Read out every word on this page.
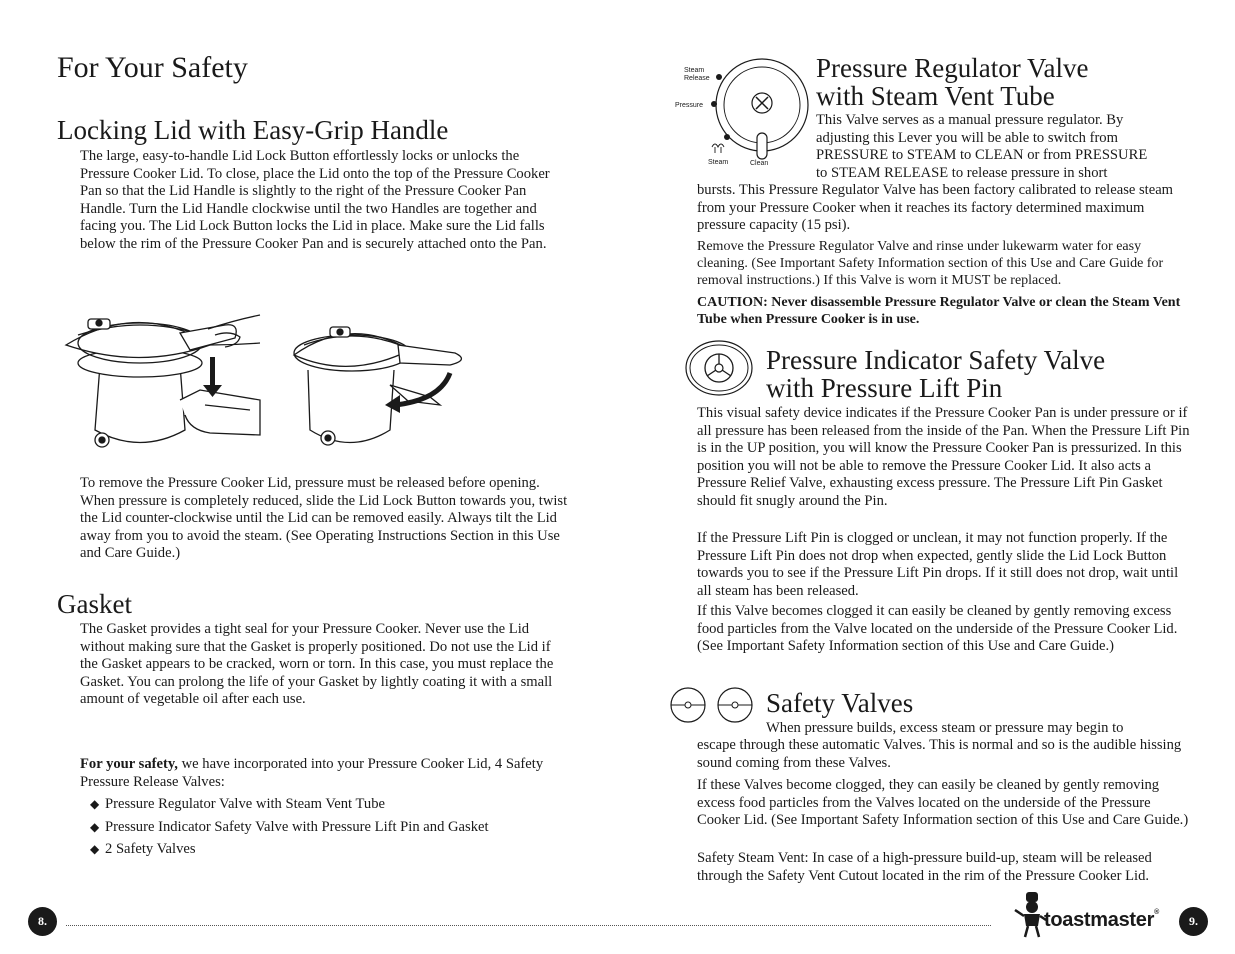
For Your Safety
Locking Lid with Easy-Grip Handle

The large, easy-to-handle Lid Lock Button effortlessly locks or unlocks the Pressure Cooker Lid. To close, place the Lid onto the top of the Pressure Cooker Pan so that the Lid Handle is slightly to the right of the Pressure Cooker Pan Handle. Turn the Lid Handle clockwise until the two Handles are together and facing you. The Lid Lock Button locks the Lid in place. Make sure the Lid falls below the rim of the Pressure Cooker Pan and is securely attached onto the Pan.

To remove the Pressure Cooker Lid, pressure must be released before opening. When pressure is completely reduced, slide the Lid Lock Button towards you, twist the Lid counter-clockwise until the Lid can be removed easily. Always tilt the Lid away from you to avoid the steam. (See Operating Instructions Section in this Use and Care Guide.)

Gasket

The Gasket provides a tight seal for your Pressure Cooker. Never use the Lid without making sure that the Gasket is properly positioned. Do not use the Lid if the Gasket appears to be cracked, worn or torn. In this case, you must replace the Gasket. You can prolong the life of your Gasket by lightly coating it with a small amount of vegetable oil after each use.

For your safety, we have incorporated into your Pressure Cooker Lid, 4 Safety Pressure Release Valves:

◆ Pressure Regulator Valve with Steam Vent Tube
◆ Pressure Indicator Safety Valve with Pressure Lift Pin and Gasket
◆ 2 Safety Valves
8.
Steam
Release
Pressure
Steam	Clean
Pressure Regulator Valve
with Steam Vent Tube
This Valve serves as a manual pressure regulator. By
adjusting this Lever you will be able to switch from
PRESSURE to STEAM to CLEAN or from PRESSURE
to STEAM RELEASE to release pressure in short

bursts. This Pressure Regulator Valve has been factory calibrated to release steam from your Pressure Cooker when it reaches its factory determined maximum pressure capacity (15 psi).

Remove the Pressure Regulator Valve and rinse under lukewarm water for easy cleaning. (See Important Safety Information section of this Use and Care Guide for removal instructions.) If this Valve is worn it MUST be replaced.

CAUTION: Never disassemble Pressure Regulator Valve or clean the Steam Vent Tube when Pressure Cooker is in use.

Pressure Indicator Safety Valve
with Pressure Lift Pin

This visual safety device indicates if the Pressure Cooker Pan is under pressure or if all pressure has been released from the inside of the Pan. When the Pressure Lift Pin is in the UP position, you will know the Pressure Cooker Pan is pressurized. In this position you will not be able to remove the Pressure Cooker Lid. It also acts a Pressure Relief Valve, exhausting excess pressure. The Pressure Lift Pin Gasket should fit snugly around the Pin.

If the Pressure Lift Pin is clogged or unclean, it may not function properly. If the Pressure Lift Pin does not drop when expected, gently slide the Lid Lock Button towards you to see if the Pressure Lift Pin drops. If it still does not drop, wait until all steam has been released.

If this Valve becomes clogged it can easily be cleaned by gently removing excess food particles from the Valve located on the underside of the Pressure Cooker Lid. (See Important Safety Information section of this Use and Care Guide.)

Safety Valves

When pressure builds, excess steam or pressure may begin to

escape through these automatic Valves. This is normal and so is the audible hissing sound coming from these Valves.

If these Valves become clogged, they can easily be cleaned by gently removing excess food particles from the Valves located on the underside of the Pressure Cooker Lid. (See Important Safety Information section of this Use and Care Guide.)

Safety Steam Vent: In case of a high-pressure build-up, steam will be released through the Safety Vent Cutout located in the rim of the Pressure Cooker Lid.

toastmaster®
9.
